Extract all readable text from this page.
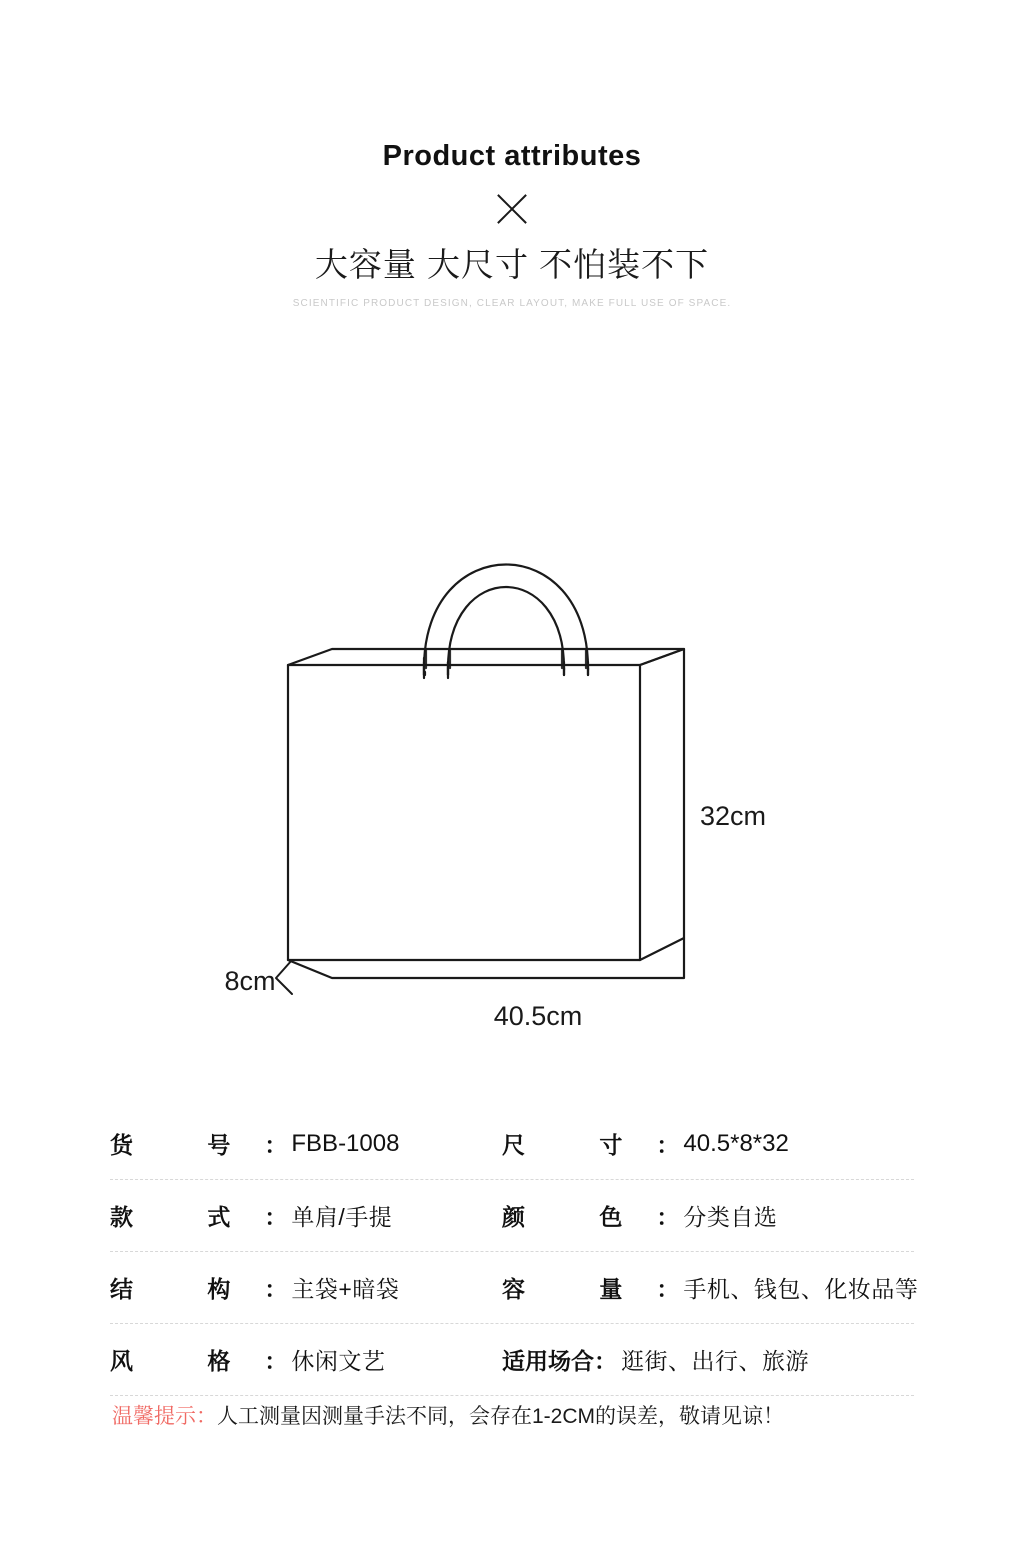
Product attributes
大容量 大尺寸 不怕装不下
SCIENTIFIC PRODUCT DESIGN, CLEAR LAYOUT, MAKE FULL USE OF SPACE.
32cm
8cm
40.5cm
货 号 ： FBB-1008	尺 寸 ： 40.5*8*32
款 式 ： 单肩/手提	颜 色 ： 分类自选
结 构 ： 主袋+暗袋	容 量 ： 手机、钱包、化妆品等
风 格 ： 休闲文艺	适用场合 ： 逛街、出行、旅游
温馨提示： 人工测量因测量手法不同，会存在1-2CM的误差，敬请见谅！
